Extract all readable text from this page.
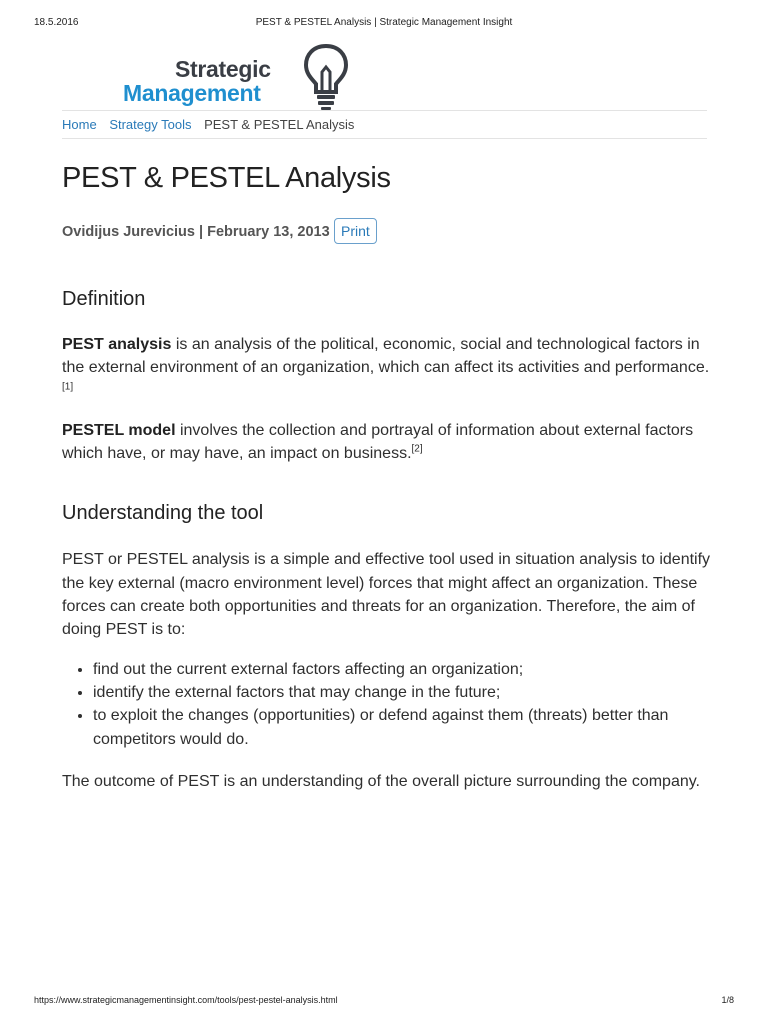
18.5.2016	PEST & PESTEL Analysis | Strategic Management Insight
Strategic
Management
Home Strategy Tools PEST & PESTEL Analysis
PEST & PESTEL Analysis
Ovidijus Jurevicius | February 13, 2013 Print
Definition

PEST analysis is an analysis of the political, economic, social and technological factors in the external environment of an organization, which can affect its activities and performance.[1]

PESTEL model involves the collection and portrayal of information about external factors which have, or may have, an impact on business.[2]

Understanding the tool

PEST or PESTEL analysis is a simple and effective tool used in situation analysis to identify the key external (macro environment level) forces that might affect an organization. These forces can create both opportunities and threats for an organization. Therefore, the aim of doing PEST is to:

• find out the current external factors affecting an organization;
• identify the external factors that may change in the future;
• to exploit the changes (opportunities) or defend against them (threats) better than competitors would do.

The outcome of PEST is an understanding of the overall picture surrounding the company.

https://www.strategicmanagementinsight.com/tools/pest-pestel-analysis.html	1/8
